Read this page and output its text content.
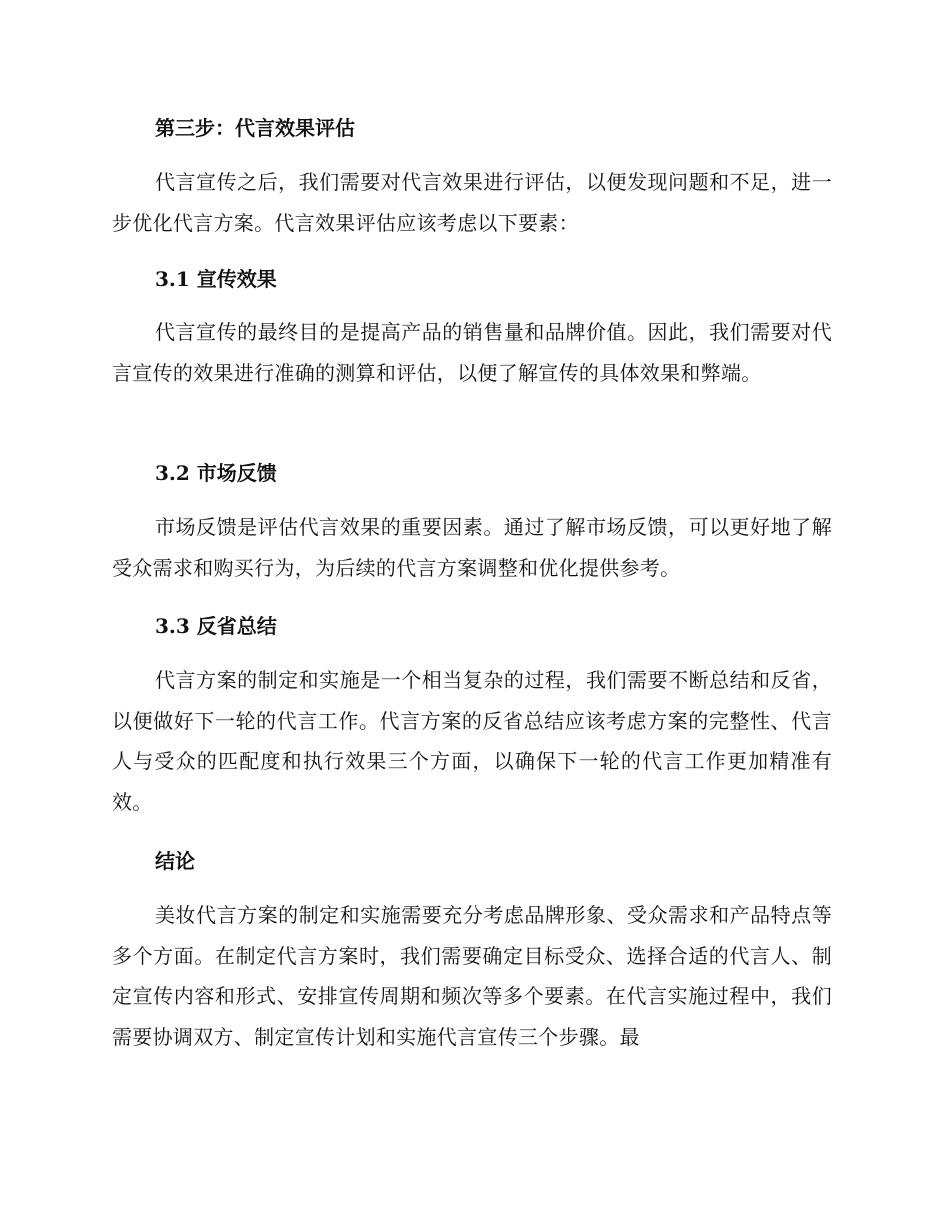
第三步：代言效果评估

代言宣传之后，我们需要对代言效果进行评估，以便发现问题和不足，进一步优化代言方案。代言效果评估应该考虑以下要素：

3.1 宣传效果

代言宣传的最终目的是提高产品的销售量和品牌价值。因此，我们需要对代言宣传的效果进行准确的测算和评估，以便了解宣传的具体效果和弊端。

3.2 市场反馈

市场反馈是评估代言效果的重要因素。通过了解市场反馈，可以更好地了解受众需求和购买行为，为后续的代言方案调整和优化提供参考。

3.3 反省总结

代言方案的制定和实施是一个相当复杂的过程，我们需要不断总结和反省，以便做好下一轮的代言工作。代言方案的反省总结应该考虑方案的完整性、代言人与受众的匹配度和执行效果三个方面，以确保下一轮的代言工作更加精准有效。

结论

美妆代言方案的制定和实施需要充分考虑品牌形象、受众需求和产品特点等多个方面。在制定代言方案时，我们需要确定目标受众、选择合适的代言人、制定宣传内容和形式、安排宣传周期和频次等多个要素。在代言实施过程中，我们需要协调双方、制定宣传计划和实施代言宣传三个步骤。最
